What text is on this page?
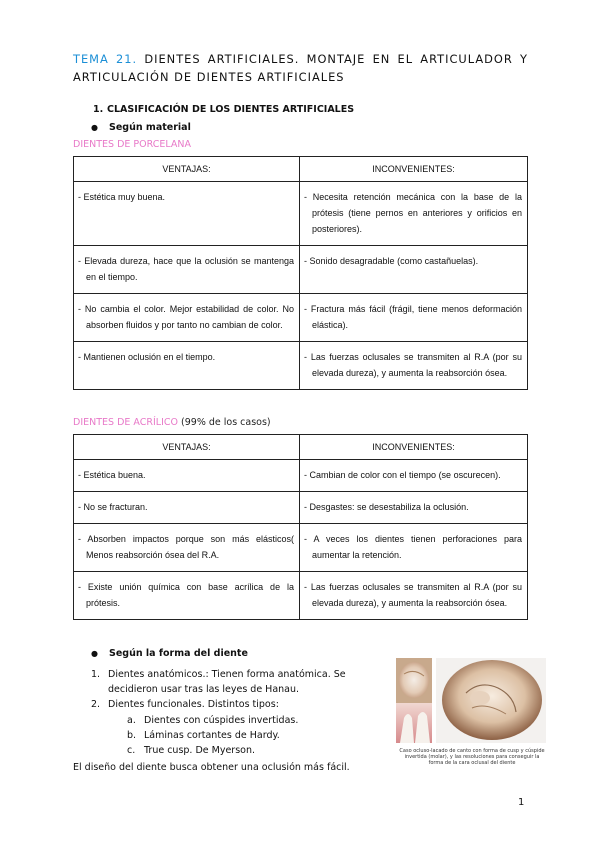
TEMA 21. DIENTES ARTIFICIALES. MONTAJE EN EL ARTICULADOR Y ARTICULACIÓN DE DIENTES ARTIFICIALES
1. CLASIFICACIÓN DE LOS DIENTES ARTIFICIALES
● Según material
DIENTES DE PORCELANA
VENTAJAS:	INCONVENIENTES:

- Estética muy buena.	- Necesita retención mecánica con la base de la prótesis (tiene pernos en anteriores y orificios en posteriores).

- Elevada dureza, hace que la oclusión se mantenga en el tiempo.	- Sonido desagradable (como castañuelas).

- No cambia el color. Mejor estabilidad de color. No absorben fluidos y por tanto no cambian de color.	- Fractura más fácil (frágil, tiene menos deformación elástica).

- Mantienen oclusión en el tiempo.	- Las fuerzas oclusales se transmiten al R.A (por su elevada dureza), y aumenta la reabsorción ósea.
DIENTES DE ACRÍLICO (99% de los casos)
VENTAJAS:	INCONVENIENTES:

- Estética buena.	- Cambian de color con el tiempo (se oscurecen).

- No se fracturan.	- Desgastes: se desestabiliza la oclusión.

- Absorben impactos porque son más elásticos( Menos reabsorción ósea del R.A.	- A veces los dientes tienen perforaciones para aumentar la retención.

- Existe unión química con base acrílica de la prótesis.	- Las fuerzas oclusales se transmiten al R.A (por su elevada dureza), y aumenta la reabsorción ósea.
● Según la forma del diente
1. Dientes anatómicos.: Tienen forma anatómica. Se decidieron usar tras las leyes de Hanau.
2. Dientes funcionales. Distintos tipos:
a. Dientes con cúspides invertidas.
b. Láminas cortantes de Hardy.
c. True cusp. De Myerson.
El diseño del diente busca obtener una oclusión más fácil.
Caso ocluso-lacado de canto con forma de cusp y cúspide invertida (molar), y las resoluciones para conseguir la forma de la cara oclusal del diente
1
